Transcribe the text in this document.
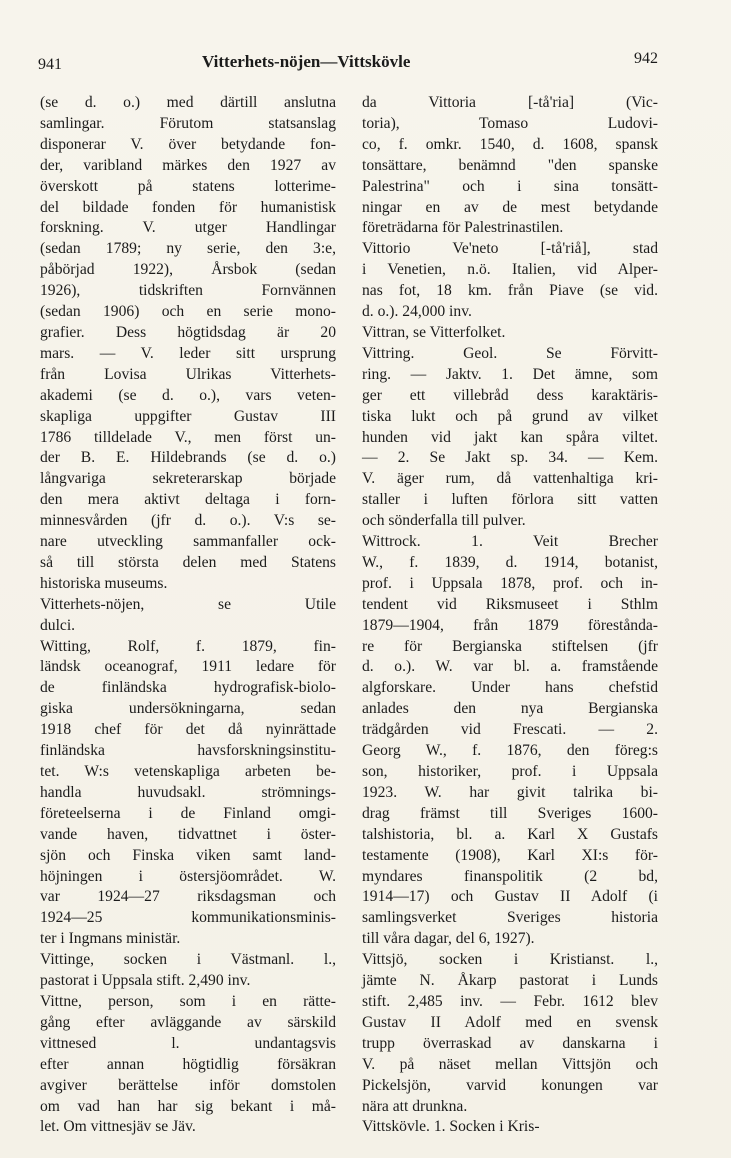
941	Vitterhets-nöjen—Vittskövle	942
(se d. o.) med därtill anslutna
samlingar. Förutom statsanslag
disponerar V. över betydande fon-
der, varibland märkes den 1927 av
överskott på statens lotterime-
del bildade fonden för humanistisk
forskning. V. utger Handlingar
(sedan 1789; ny serie, den 3:e,
påbörjad 1922), Årsbok (sedan
1926), tidskriften Fornvännen
(sedan 1906) och en serie mono-
grafier. Dess högtidsdag är 20
mars. — V. leder sitt ursprung
från Lovisa Ulrikas Vitterhets-
akademi (se d. o.), vars veten-
skapliga uppgifter Gustav III
1786 tilldelade V., men först un-
der B. E. Hildebrands (se d. o.)
långvariga sekreterarskap började
den mera aktivt deltaga i forn-
minnesvården (jfr d. o.). V:s se-
nare utveckling sammanfaller ock-
så till största delen med Statens
historiska museums.
Vitterhets-nöjen, se Utile
dulci.
Witting, Rolf, f. 1879, fin-
ländsk oceanograf, 1911 ledare för
de finländska hydrografisk-biolo-
giska undersökningarna, sedan
1918 chef för det då nyinrättade
finländska havsforskningsinstitu-
tet. W:s vetenskapliga arbeten be-
handla huvudsakl. strömnings-
företeelserna i de Finland omgi-
vande haven, tidvattnet i öster-
sjön och Finska viken samt land-
höjningen i östersjöområdet. W.
var 1924—27 riksdagsman och
1924—25 kommunikationsminis-
ter i Ingmans ministär.
Vittinge, socken i Västmanl. l.,
pastorat i Uppsala stift. 2,490 inv.
Vittne, person, som i en rätte-
gång efter avläggande av särskild
vittnesed l. undantagsvis
efter annan högtidlig försäkran
avgiver berättelse inför domstolen
om vad han har sig bekant i må-
let. Om vittnesjäv se Jäv.
da Vittoria [-tå'ria] (Vic-
toria), Tomaso Ludovi-
co, f. omkr. 1540, d. 1608, spansk
tonsättare, benämnd "den spanske
Palestrina" och i sina tonsätt-
ningar en av de mest betydande
företrädarna för Palestrinastilen.
Vittorio Ve'neto [-tå'riå], stad
i Venetien, n.ö. Italien, vid Alper-
nas fot, 18 km. från Piave (se vid.
d. o.). 24,000 inv.
Vittran, se Vitterfolket.
Vittring. Geol. Se Förvitt-
ring. — Jaktv. 1. Det ämne, som
ger ett villebråd dess karaktäris-
tiska lukt och på grund av vilket
hunden vid jakt kan spåra viltet.
— 2. Se Jakt sp. 34. — Kem.
V. äger rum, då vattenhaltiga kri-
staller i luften förlora sitt vatten
och sönderfalla till pulver.
Wittrock. 1. Veit Brecher
W., f. 1839, d. 1914, botanist,
prof. i Uppsala 1878, prof. och in-
tendent vid Riksmuseet i Sthlm
1879—1904, från 1879 förestånda-
re för Bergianska stiftelsen (jfr
d. o.). W. var bl. a. framstående
algforskare. Under hans chefstid
anlades den nya Bergianska
trädgården vid Frescati. — 2.
Georg W., f. 1876, den föreg:s
son, historiker, prof. i Uppsala
1923. W. har givit talrika bi-
drag främst till Sveriges 1600-
talshistoria, bl. a. Karl X Gustafs
testamente (1908), Karl XI:s för-
myndares finanspolitik (2 bd,
1914—17) och Gustav II Adolf (i
samlingsverket Sveriges historia
till våra dagar, del 6, 1927).
Vittsjö, socken i Kristianst. l.,
jämte N. Åkarp pastorat i Lunds
stift. 2,485 inv. — Febr. 1612 blev
Gustav II Adolf med en svensk
trupp överraskad av danskarna i
V. på näset mellan Vittsjön och
Pickelsjön, varvid konungen var
nära att drunkna.
Vittskövle. 1. Socken i Kris-
